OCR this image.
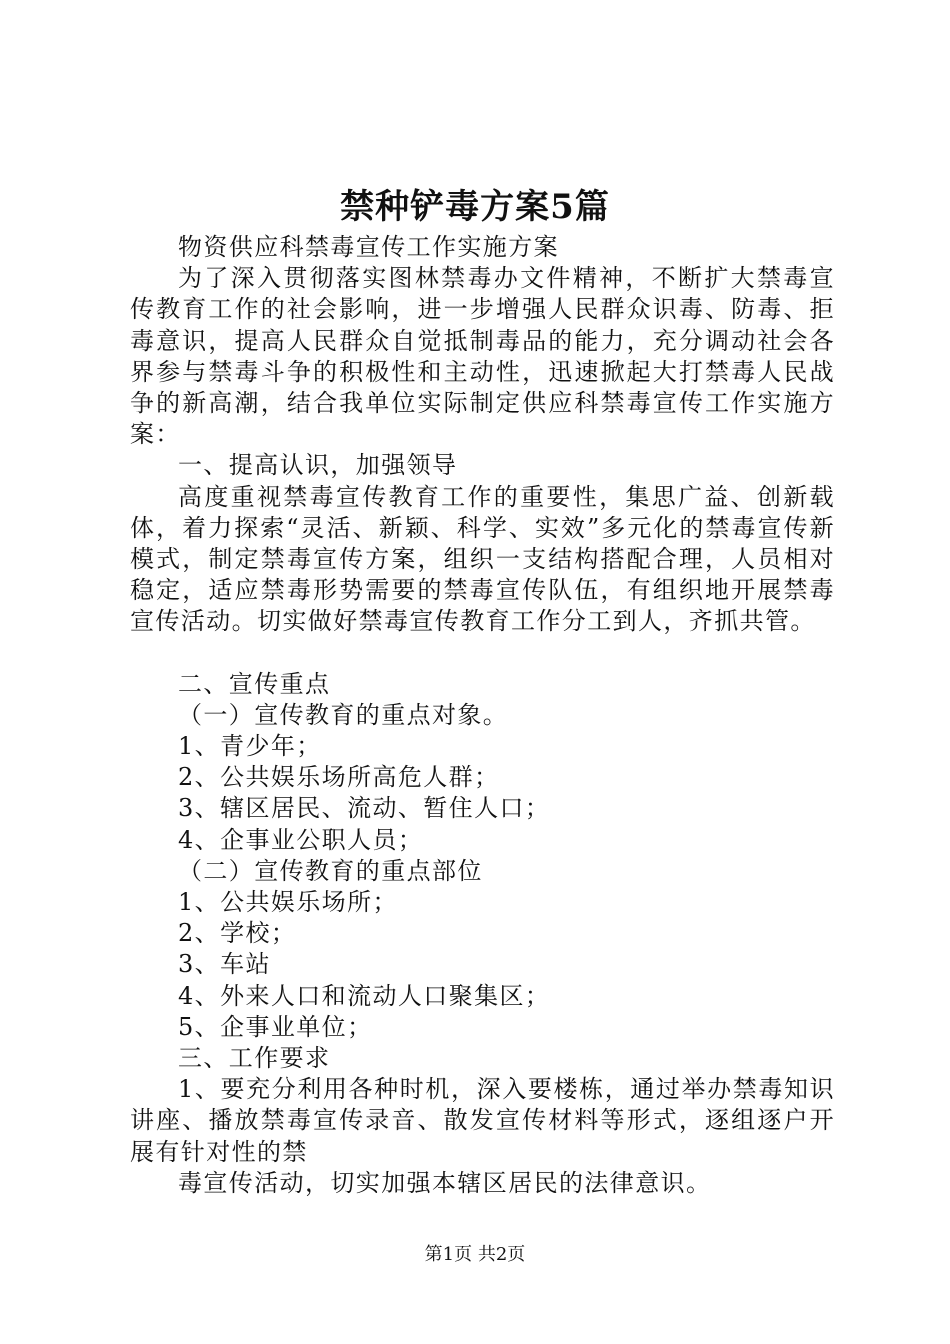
禁种铲毒方案5篇

物资供应科禁毒宣传工作实施方案

为了深入贯彻落实图林禁毒办文件精神，不断扩大禁毒宣传教育工作的社会影响，进一步增强人民群众识毒、防毒、拒毒意识，提高人民群众自觉抵制毒品的能力，充分调动社会各界参与禁毒斗争的积极性和主动性，迅速掀起大打禁毒人民战争的新高潮，结合我单位实际制定供应科禁毒宣传工作实施方案：

一、提高认识，加强领导

高度重视禁毒宣传教育工作的重要性，集思广益、创新载体，着力探索“灵活、新颖、科学、实效”多元化的禁毒宣传新模式，制定禁毒宣传方案，组织一支结构搭配合理，人员相对稳定，适应禁毒形势需要的禁毒宣传队伍，有组织地开展禁毒宣传活动。切实做好禁毒宣传教育工作分工到人，齐抓共管。

二、宣传重点

（一）宣传教育的重点对象。

1、青少年；

2、公共娱乐场所高危人群；

3、辖区居民、流动、暂住人口；

4、企事业公职人员；

（二）宣传教育的重点部位

1、公共娱乐场所；

2、学校；

3、车站

4、外来人口和流动人口聚集区；

5、企事业单位；

三、工作要求

1、要充分利用各种时机，深入要楼栋，通过举办禁毒知识讲座、播放禁毒宣传录音、散发宣传材料等形式，逐组逐户开展有针对性的禁

毒宣传活动，切实加强本辖区居民的法律意识。

第1页 共2页
